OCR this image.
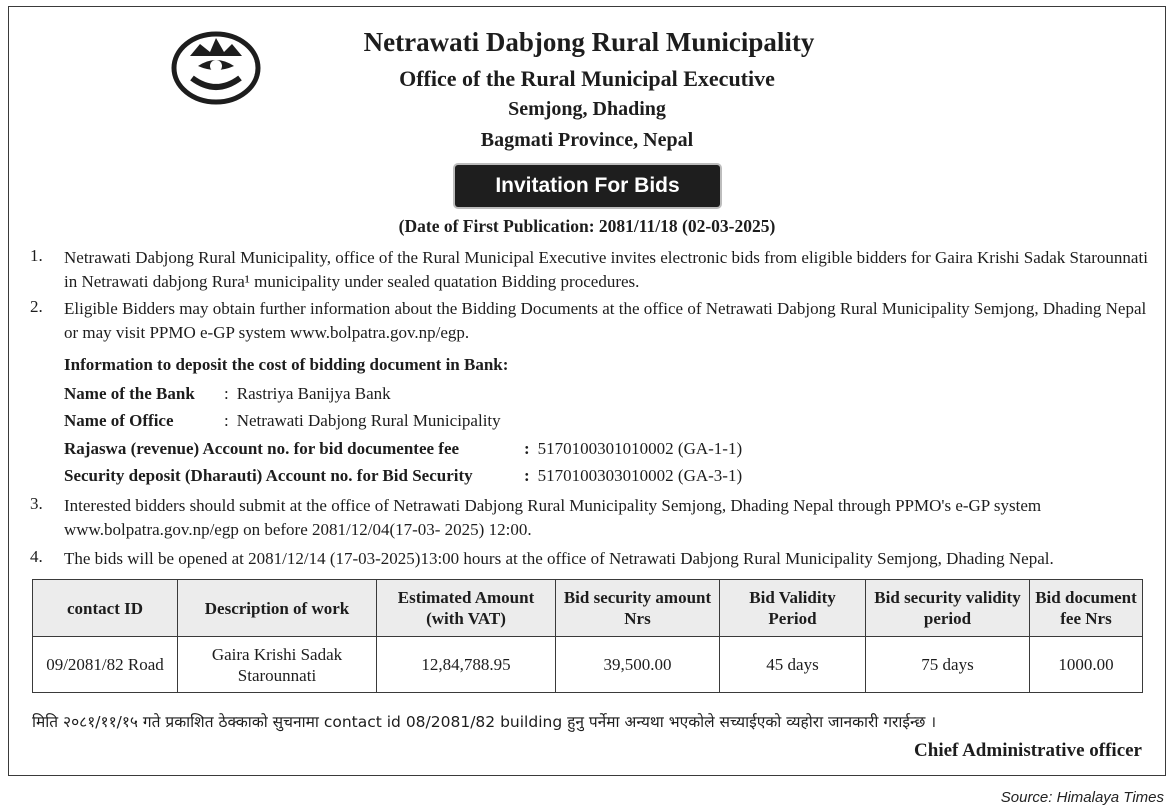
Netrawati Dabjong Rural Municipality
Office of the Rural Municipal Executive
Semjong, Dhading
Bagmati Province, Nepal
Invitation For Bids
(Date of First Publication: 2081/11/18 (02-03-2025)
1. Netrawati Dabjong Rural Municipality, office of the Rural Municipal Executive invites electronic bids from eligible bidders for Gaira Krishi Sadak Starounnati in Netrawati dabjong Rura¹ municipality under sealed quatation Bidding procedures.
2. Eligible Bidders may obtain further information about the Bidding Documents at the office of Netrawati Dabjong Rural Municipality Semjong, Dhading Nepal or may visit PPMO e-GP system www.bolpatra.gov.np/egp.
Information to deposit the cost of bidding document in Bank:
Name of the Bank : Rastriya Banijya Bank
Name of Office	: Netrawati Dabjong Rural Municipality
Rajaswa (revenue) Account no. for bid documentee fee	: 5170100301010002 (GA-1-1)
Security deposit (Dharauti) Account no. for Bid Security	: 5170100303010002 (GA-3-1)
3. Interested bidders should submit at the office of Netrawati Dabjong Rural Municipality Semjong, Dhading Nepal through PPMO's e-GP system www.bolpatra.gov.np/egp on before 2081/12/04(17-03- 2025) 12:00.
4. The bids will be opened at 2081/12/14 (17-03-2025)13:00 hours at the office of Netrawati Dabjong Rural Municipality Semjong, Dhading Nepal.
contact ID	Description of work	Estimated Amount (with VAT)	Bid security amount Nrs	Bid Validity Period	Bid security validity period	Bid document fee Nrs
09/2081/82 Road	Gaira Krishi Sadak Starounnati	12,84,788.95	39,500.00	45 days	75 days	1000.00
मिति २०८१/११/१५ गते प्रकाशित ठेक्काको सुचनामा contact id 08/2081/82 building हुनु पर्नेमा अन्यथा भएकोले सच्याईएको व्यहोरा जानकारी गराईन्छ ।
Chief Administrative officer
Source: Himalaya Times
